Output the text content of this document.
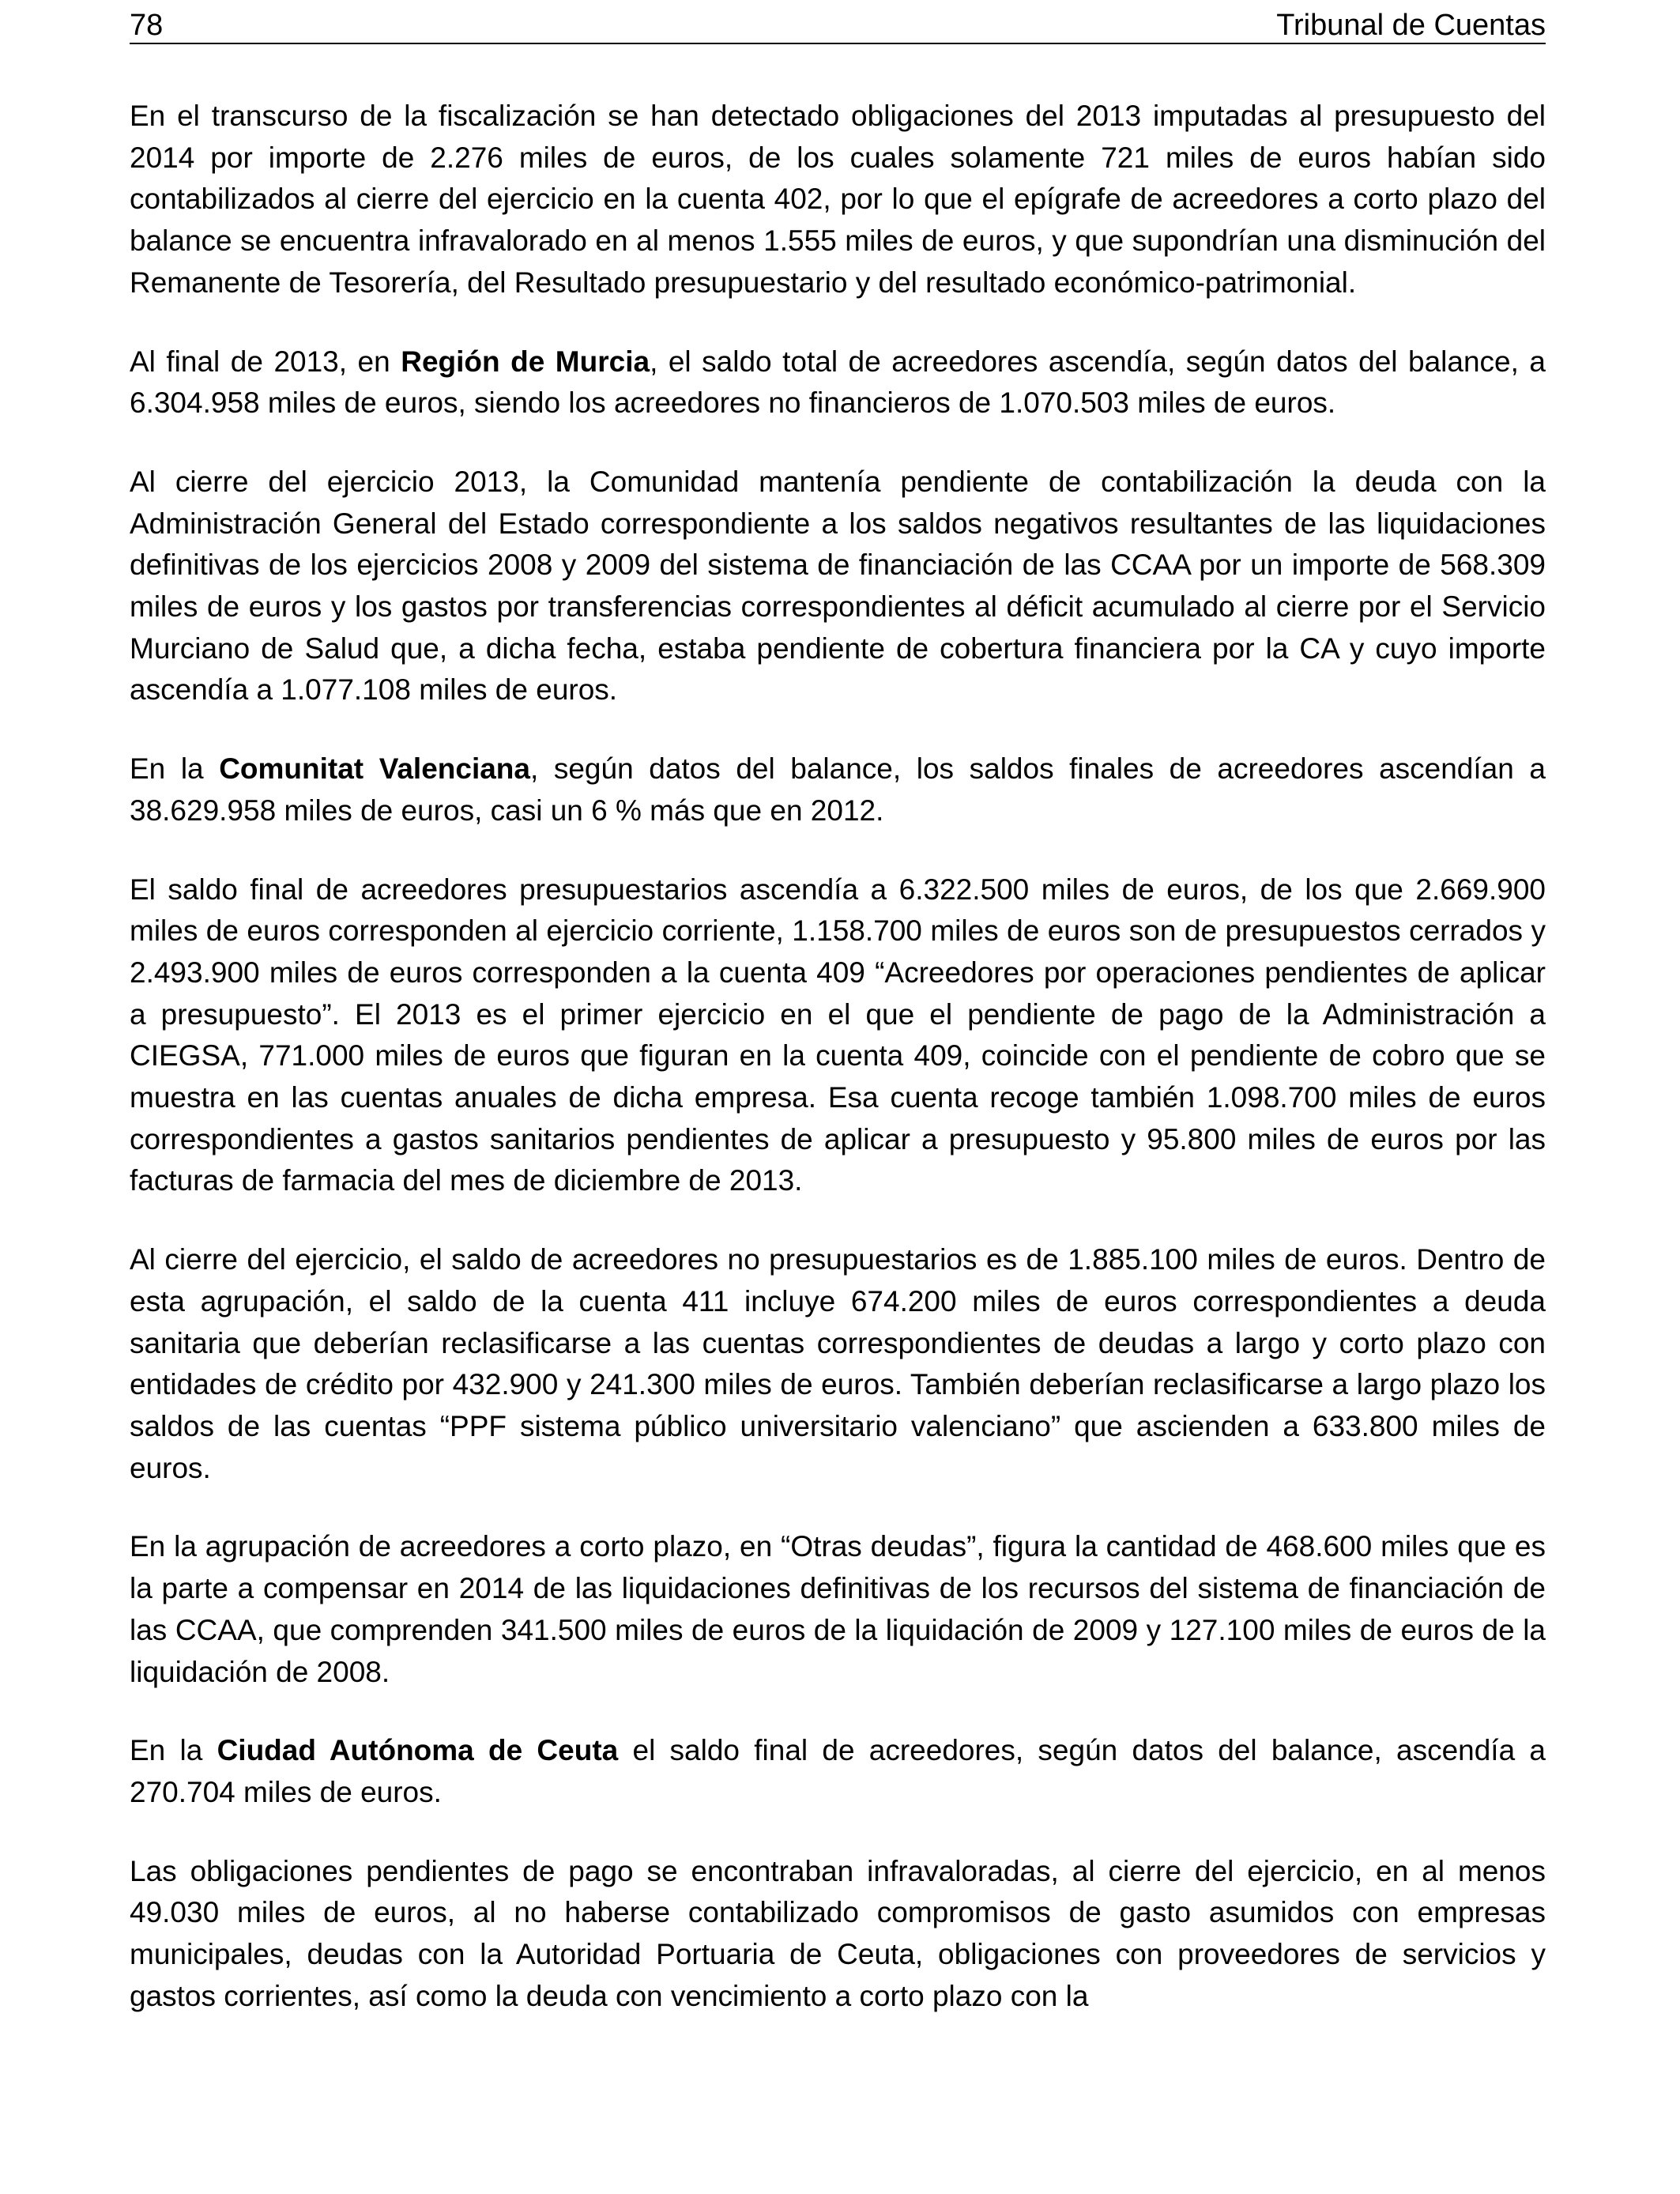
78	Tribunal de Cuentas

En el transcurso de la fiscalización se han detectado obligaciones del 2013 imputadas al presupuesto del 2014 por importe de 2.276 miles de euros, de los cuales solamente 721 miles de euros habían sido contabilizados al cierre del ejercicio en la cuenta 402, por lo que el epígrafe de acreedores a corto plazo del balance se encuentra infravalorado en al menos 1.555 miles de euros, y que supondrían una disminución del Remanente de Tesorería, del Resultado presupuestario y del resultado económico-patrimonial.

Al final de 2013, en Región de Murcia, el saldo total de acreedores ascendía, según datos del balance, a 6.304.958 miles de euros, siendo los acreedores no financieros de 1.070.503 miles de euros.

Al cierre del ejercicio 2013, la Comunidad mantenía pendiente de contabilización la deuda con la Administración General del Estado correspondiente a los saldos negativos resultantes de las liquidaciones definitivas de los ejercicios 2008 y 2009 del sistema de financiación de las CCAA por un importe de 568.309 miles de euros y los gastos por transferencias correspondientes al déficit acumulado al cierre por el Servicio Murciano de Salud que, a dicha fecha, estaba pendiente de cobertura financiera por la CA y cuyo importe ascendía a 1.077.108 miles de euros.

En la Comunitat Valenciana, según datos del balance, los saldos finales de acreedores ascendían a 38.629.958 miles de euros, casi un 6 % más que en 2012.

El saldo final de acreedores presupuestarios ascendía a 6.322.500 miles de euros, de los que 2.669.900 miles de euros corresponden al ejercicio corriente, 1.158.700 miles de euros son de presupuestos cerrados y 2.493.900 miles de euros corresponden a la cuenta 409 “Acreedores por operaciones pendientes de aplicar a presupuesto”. El 2013 es el primer ejercicio en el que el pendiente de pago de la Administración a CIEGSA, 771.000 miles de euros que figuran en la cuenta 409, coincide con el pendiente de cobro que se muestra en las cuentas anuales de dicha empresa. Esa cuenta recoge también 1.098.700 miles de euros correspondientes a gastos sanitarios pendientes de aplicar a presupuesto y 95.800 miles de euros por las facturas de farmacia del mes de diciembre de 2013.

Al cierre del ejercicio, el saldo de acreedores no presupuestarios es de 1.885.100 miles de euros. Dentro de esta agrupación, el saldo de la cuenta 411 incluye 674.200 miles de euros correspondientes a deuda sanitaria que deberían reclasificarse a las cuentas correspondientes de deudas a largo y corto plazo con entidades de crédito por 432.900 y 241.300 miles de euros. También deberían reclasificarse a largo plazo los saldos de las cuentas “PPF sistema público universitario valenciano” que ascienden a 633.800 miles de euros.

En la agrupación de acreedores a corto plazo, en “Otras deudas”, figura la cantidad de 468.600 miles que es la parte a compensar en 2014 de las liquidaciones definitivas de los recursos del sistema de financiación de las CCAA, que comprenden 341.500 miles de euros de la liquidación de 2009 y 127.100 miles de euros de la liquidación de 2008.

En la Ciudad Autónoma de Ceuta el saldo final de acreedores, según datos del balance, ascendía a 270.704 miles de euros.

Las obligaciones pendientes de pago se encontraban infravaloradas, al cierre del ejercicio, en al menos 49.030 miles de euros, al no haberse contabilizado compromisos de gasto asumidos con empresas municipales, deudas con la Autoridad Portuaria de Ceuta, obligaciones con proveedores de servicios y gastos corrientes, así como la deuda con vencimiento a corto plazo con la
